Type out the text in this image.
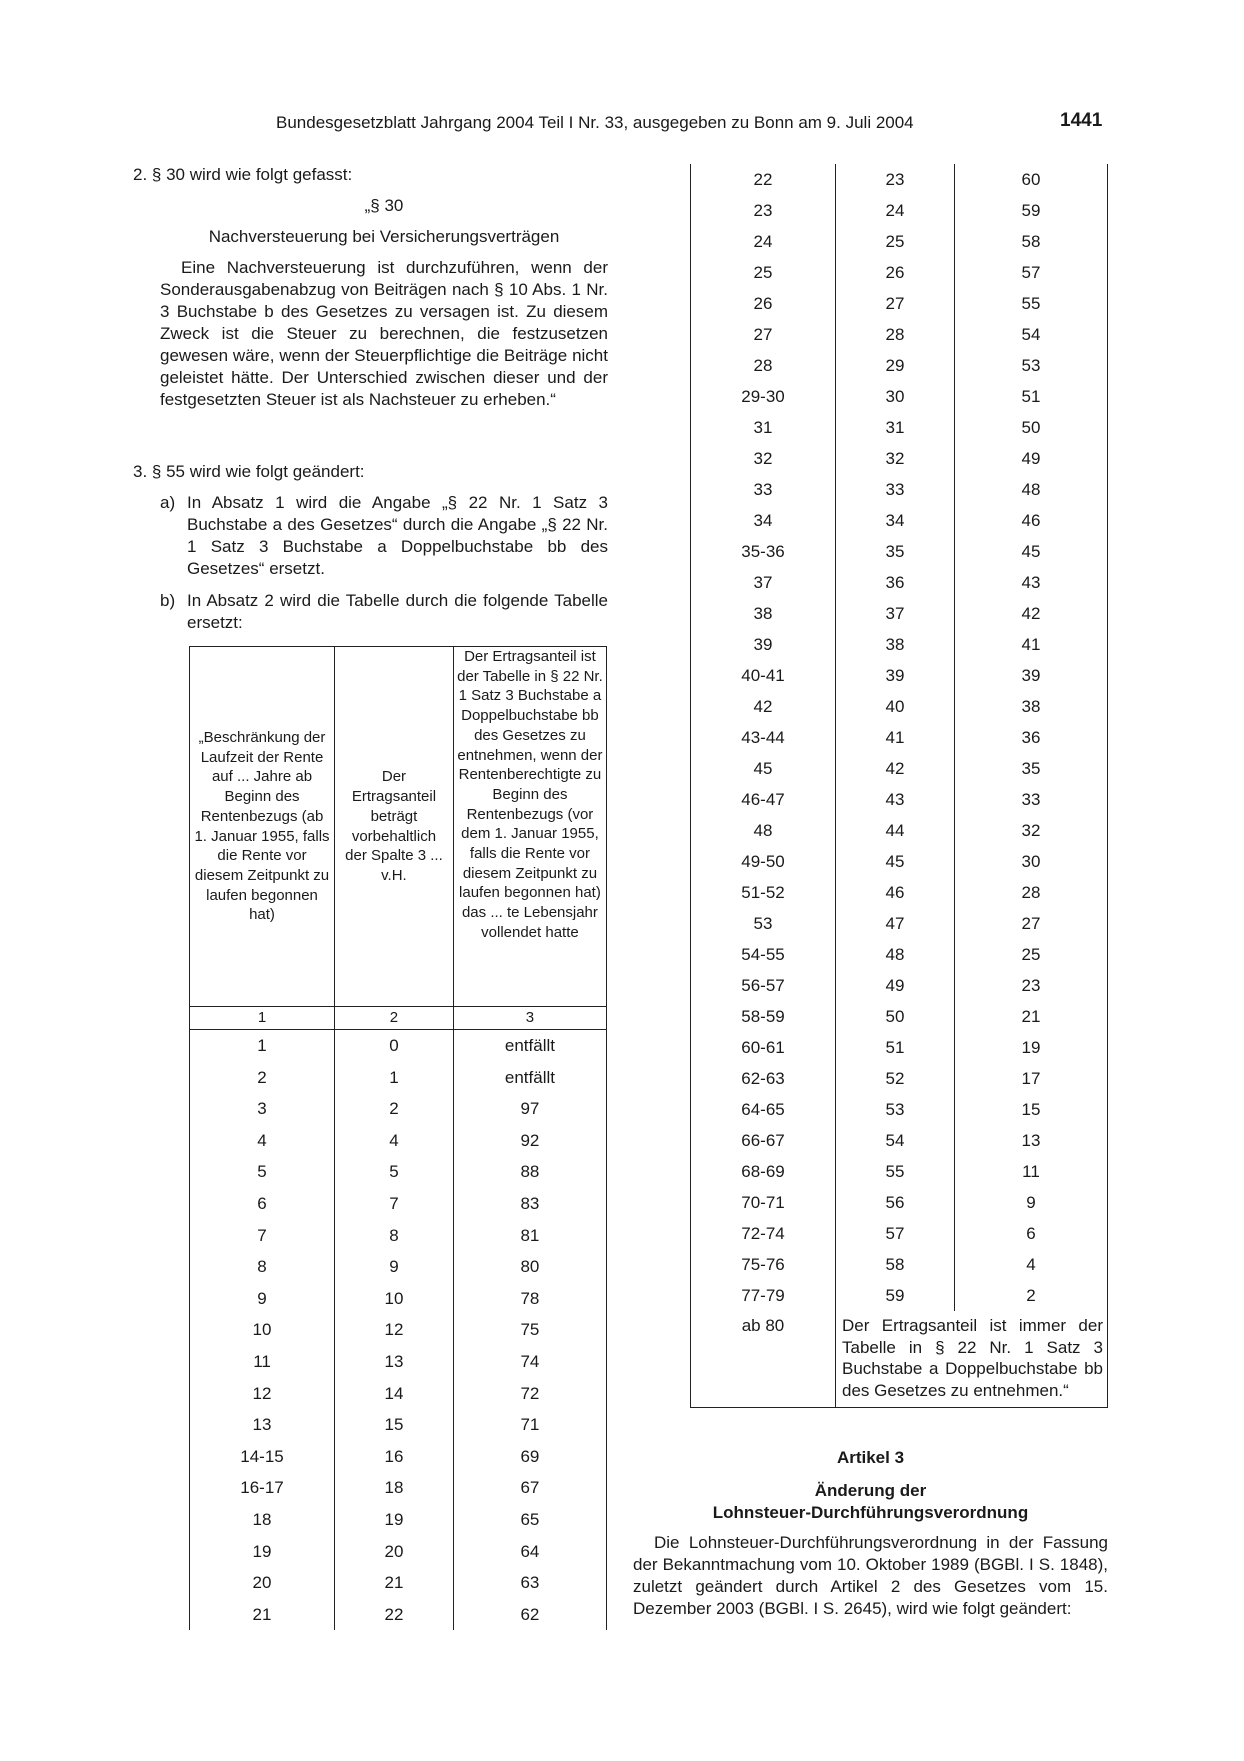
Bundesgesetzblatt Jahrgang 2004 Teil I Nr. 33, ausgegeben zu Bonn am 9. Juli 2004	1441
2. § 30 wird wie folgt gefasst:
„§ 30
Nachversteuerung bei Versicherungsverträgen
Eine Nachversteuerung ist durchzuführen, wenn der Sonderausgabenabzug von Beiträgen nach § 10 Abs. 1 Nr. 3 Buchstabe b des Gesetzes zu versagen ist. Zu diesem Zweck ist die Steuer zu berechnen, die festzusetzen gewesen wäre, wenn der Steuerpflichtige die Beiträge nicht geleistet hätte. Der Unterschied zwischen dieser und der festgesetzten Steuer ist als Nachsteuer zu erheben.“
3. § 55 wird wie folgt geändert:
a) In Absatz 1 wird die Angabe „§ 22 Nr. 1 Satz 3 Buchstabe a des Gesetzes“ durch die Angabe „§ 22 Nr. 1 Satz 3 Buchstabe a Doppelbuchstabe bb des Gesetzes“ ersetzt.
b) In Absatz 2 wird die Tabelle durch die folgende Tabelle ersetzt:
„Beschränkung der Laufzeit der Rente auf ... Jahre ab Beginn des Rentenbezugs (ab 1. Januar 1955, falls die Rente vor diesem Zeitpunkt zu laufen begonnen hat)	Der Ertragsanteil beträgt vorbehaltlich der Spalte 3 ... v.H.	Der Ertragsanteil ist der Tabelle in § 22 Nr. 1 Satz 3 Buchstabe a Doppelbuchstabe bb des Gesetzes zu entnehmen, wenn der Rentenberechtigte zu Beginn des Rentenbezugs (vor dem 1. Januar 1955, falls die Rente vor diesem Zeitpunkt zu laufen begonnen hat) das ... te Lebensjahr vollendet hatte

1	2	3
1	0	entfällt
2	1	entfällt
3	2	97
4	4	92
5	5	88
6	7	83
7	8	81
8	9	80
9	10	78
10	12	75
11	13	74
12	14	72
13	15	71
14-15	16	69
16-17	18	67
18	19	65
19	20	64
20	21	63
21	22	62
22	23	60
23	24	59
24	25	58
25	26	57
26	27	55
27	28	54
28	29	53
29-30	30	51
31	31	50
32	32	49
33	33	48
34	34	46
35-36	35	45
37	36	43
38	37	42
39	38	41
40-41	39	39
42	40	38
43-44	41	36
45	42	35
46-47	43	33
48	44	32
49-50	45	30
51-52	46	28
53	47	27
54-55	48	25
56-57	49	23
58-59	50	21
60-61	51	19
62-63	52	17
64-65	53	15
66-67	54	13
68-69	55	11
70-71	56	9
72-74	57	6
75-76	58	4
77-79	59	2
ab 80	Der Ertragsanteil ist immer der Tabelle in § 22 Nr. 1 Satz 3 Buchstabe a Doppelbuchstabe bb des Gesetzes zu entnehmen.“	
Artikel 3
Änderung der
Lohnsteuer-Durchführungsverordnung
Die Lohnsteuer-Durchführungsverordnung in der Fassung der Bekanntmachung vom 10. Oktober 1989 (BGBl. I S. 1848), zuletzt geändert durch Artikel 2 des Gesetzes vom 15. Dezember 2003 (BGBl. I S. 2645), wird wie folgt geändert:
